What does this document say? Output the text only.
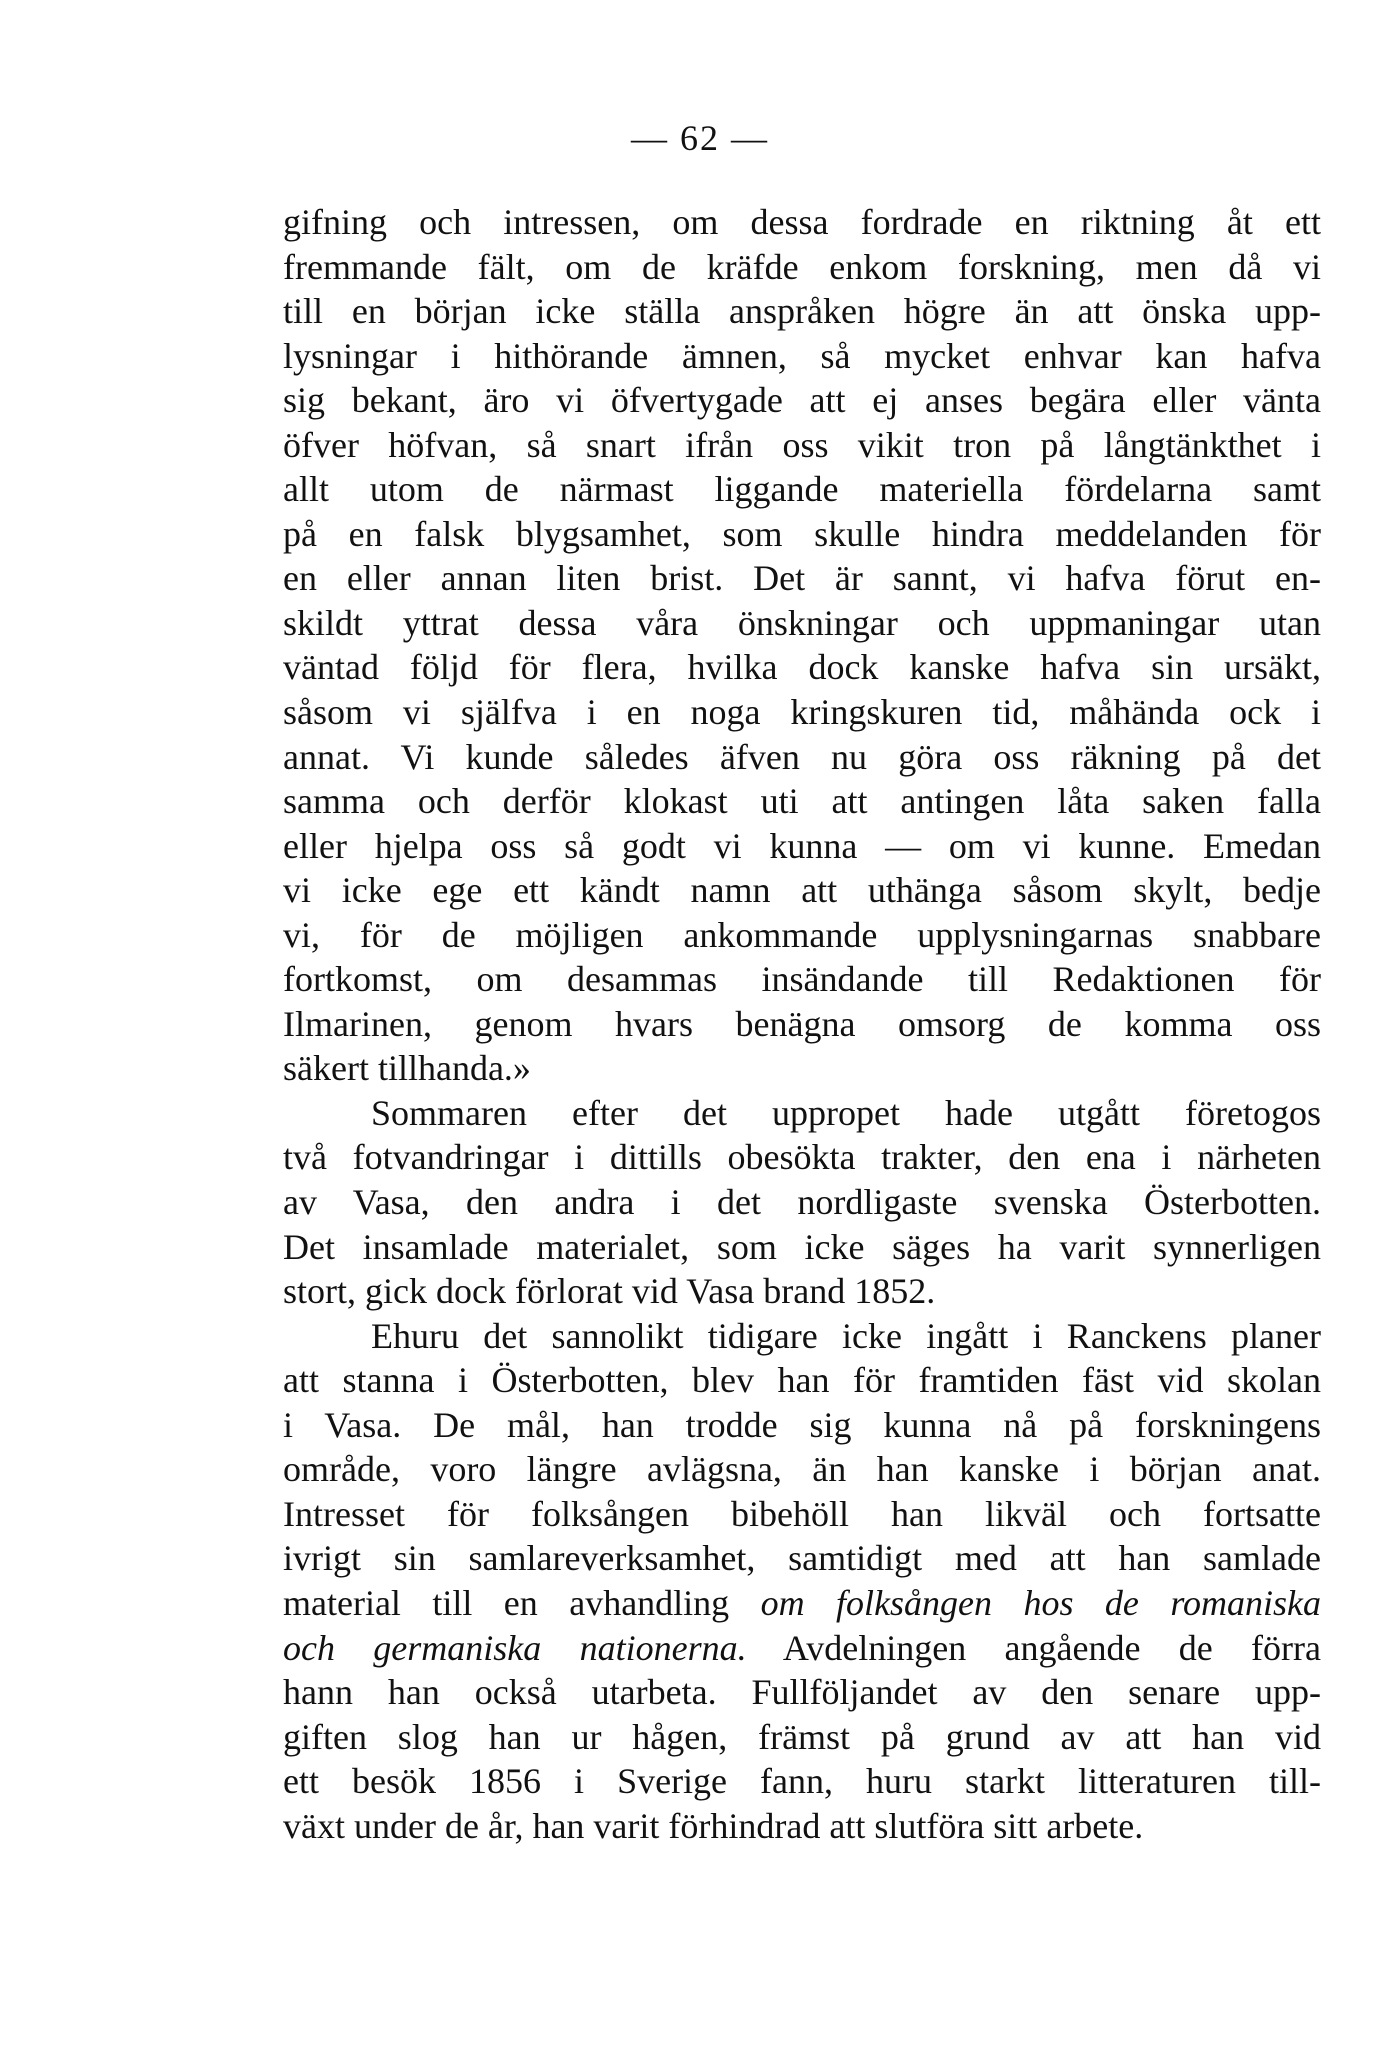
— 62 —
gifning och intressen, om dessa fordrade en riktning åt ett
fremmande fält, om de kräfde enkom forskning, men då vi
till en början icke ställa anspråken högre än att önska upp-
lysningar i hithörande ämnen, så mycket enhvar kan hafva
sig bekant, äro vi öfvertygade att ej anses begära eller vänta
öfver höfvan, så snart ifrån oss vikit tron på långtänkthet i
allt utom de närmast liggande materiella fördelarna samt
på en falsk blygsamhet, som skulle hindra meddelanden för
en eller annan liten brist. Det är sannt, vi hafva förut en-
skildt yttrat dessa våra önskningar och uppmaningar utan
väntad följd för flera, hvilka dock kanske hafva sin ursäkt,
såsom vi själfva i en noga kringskuren tid, måhända ock i
annat. Vi kunde således äfven nu göra oss räkning på det
samma och derför klokast uti att antingen låta saken falla
eller hjelpa oss så godt vi kunna — om vi kunne. Emedan
vi icke ege ett kändt namn att uthänga såsom skylt, bedje
vi, för de möjligen ankommande upplysningarnas snabbare
fortkomst, om desammas insändande till Redaktionen för
Ilmarinen, genom hvars benägna omsorg de komma oss
säkert tillhanda.»
Sommaren efter det uppropet hade utgått företogos
två fotvandringar i dittills obesökta trakter, den ena i närheten
av Vasa, den andra i det nordligaste svenska Österbotten.
Det insamlade materialet, som icke säges ha varit synnerligen
stort, gick dock förlorat vid Vasa brand 1852.
Ehuru det sannolikt tidigare icke ingått i Ranckens planer
att stanna i Österbotten, blev han för framtiden fäst vid skolan
i Vasa. De mål, han trodde sig kunna nå på forskningens
område, voro längre avlägsna, än han kanske i början anat.
Intresset för folksången bibehöll han likväl och fortsatte
ivrigt sin samlareverksamhet, samtidigt med att han samlade
material till en avhandling om folksången hos de romaniska
och germaniska nationerna. Avdelningen angående de förra
hann han också utarbeta. Fullföljandet av den senare upp-
giften slog han ur hågen, främst på grund av att han vid
ett besök 1856 i Sverige fann, huru starkt litteraturen till-
växt under de år, han varit förhindrad att slutföra sitt arbete.
